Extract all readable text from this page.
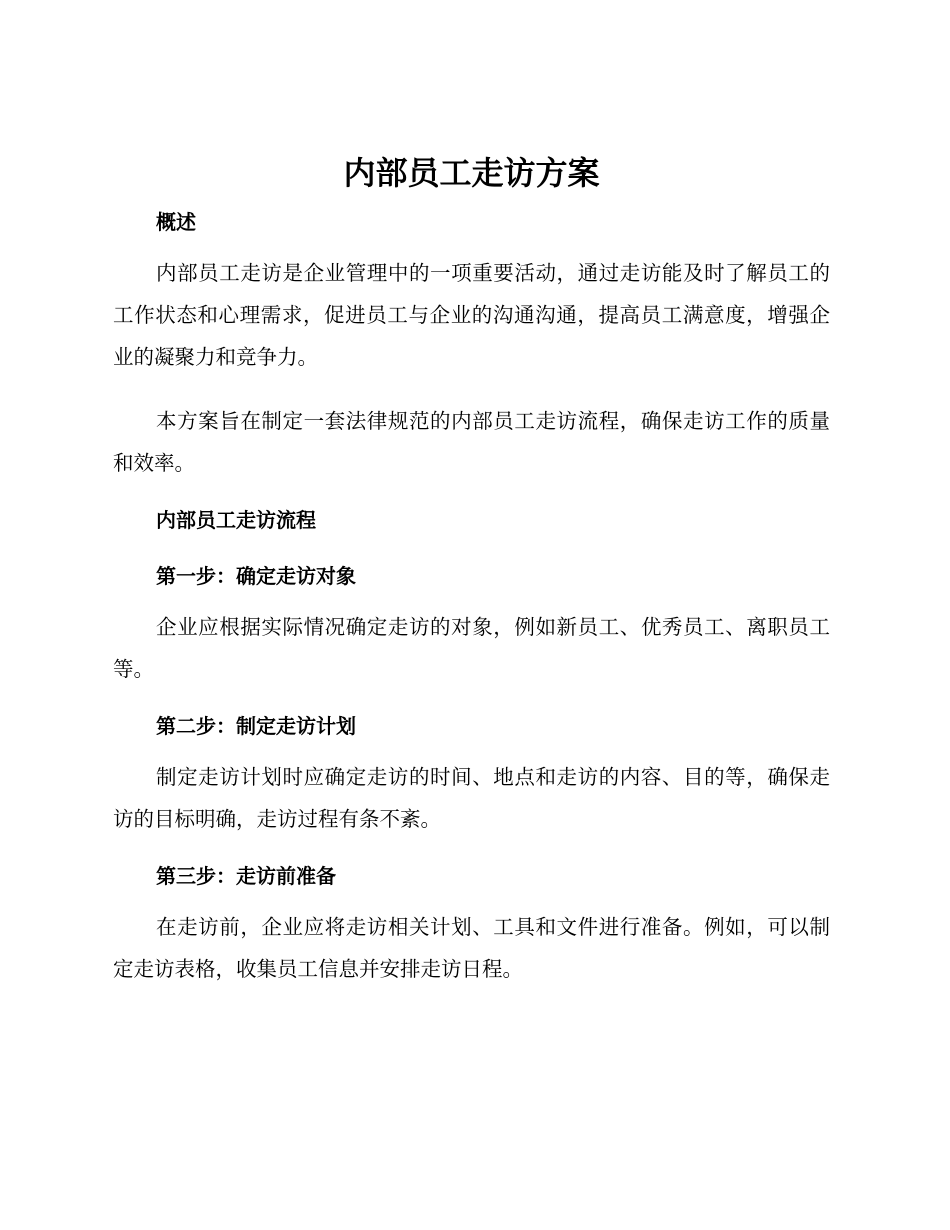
内部员工走访方案
概述

内部员工走访是企业管理中的一项重要活动，通过走访能及时了解员工的工作状态和心理需求，促进员工与企业的沟通沟通，提高员工满意度，增强企业的凝聚力和竞争力。

本方案旨在制定一套法律规范的内部员工走访流程，确保走访工作的质量和效率。

内部员工走访流程
第一步：确定走访对象

企业应根据实际情况确定走访的对象，例如新员工、优秀员工、离职员工等。

第二步：制定走访计划

制定走访计划时应确定走访的时间、地点和走访的内容、目的等，确保走访的目标明确，走访过程有条不紊。

第三步：走访前准备

在走访前，企业应将走访相关计划、工具和文件进行准备。例如，可以制定走访表格，收集员工信息并安排走访日程。
